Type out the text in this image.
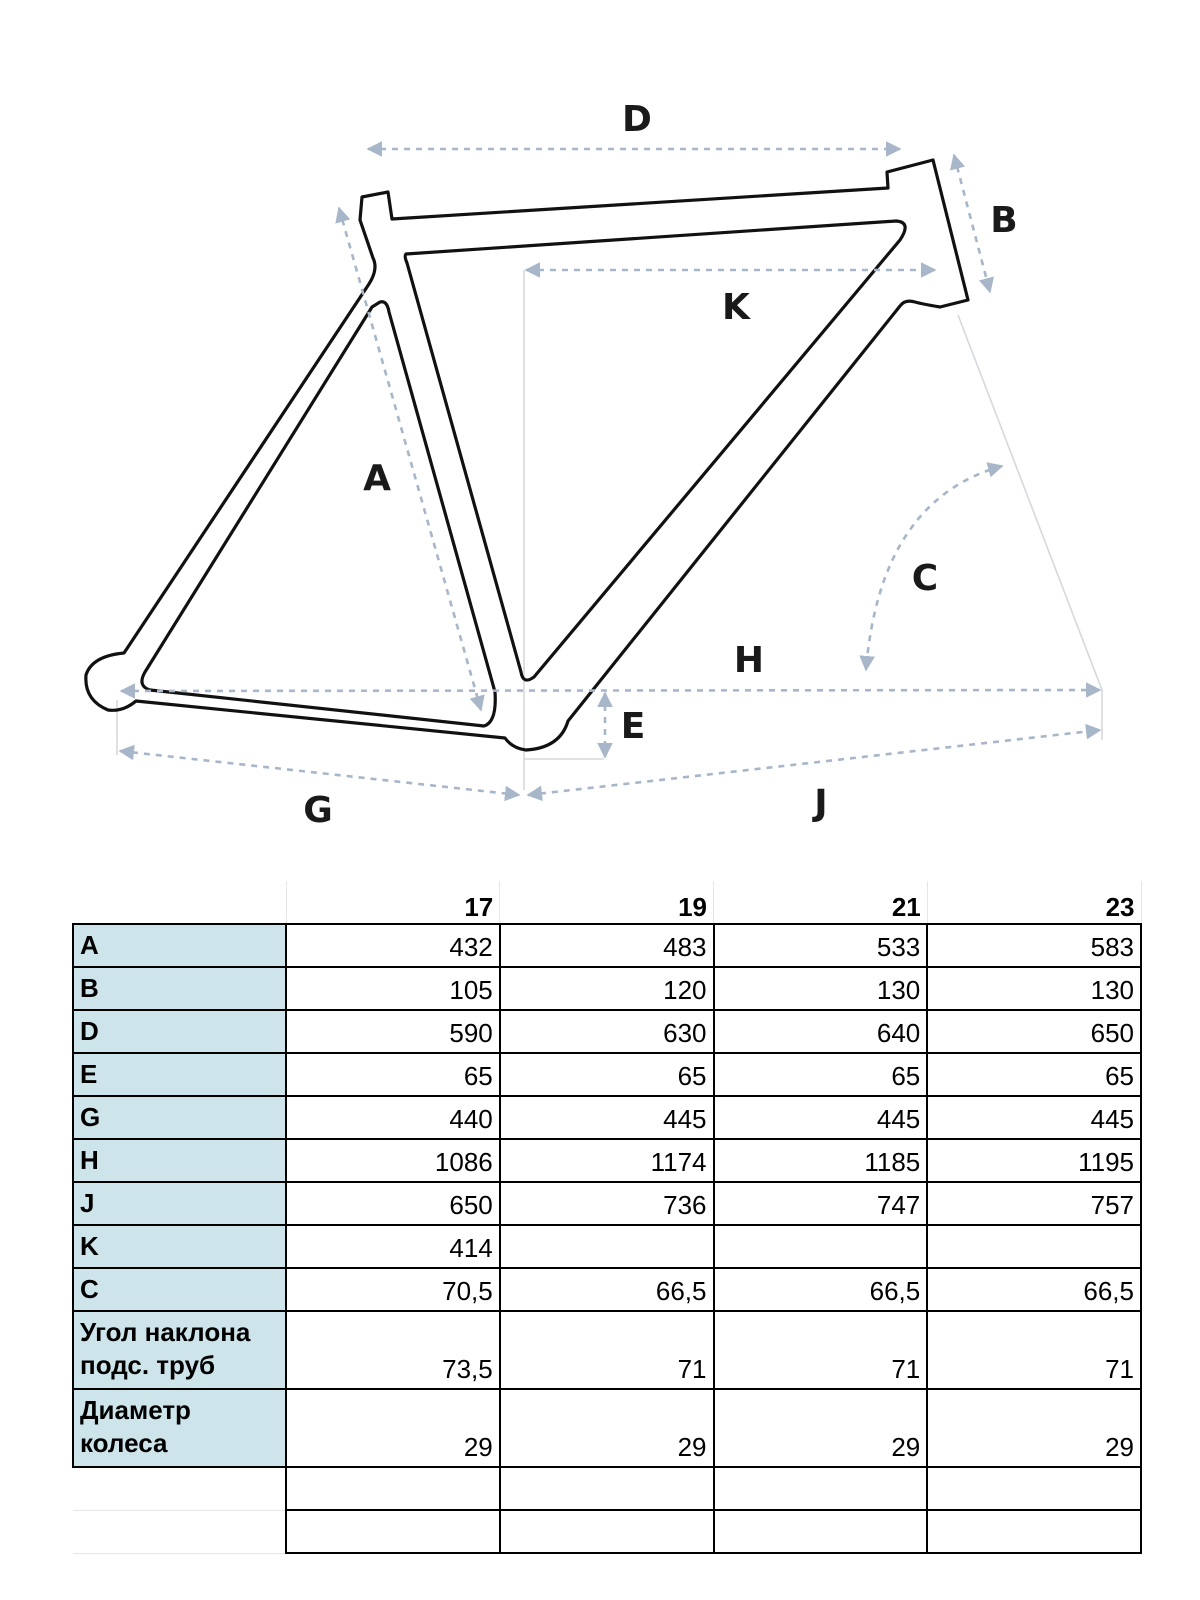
D
B
K
A
C
H
E
G	J
	17	19	21	23
A	432	483	533	583
B	105	120	130	130
D	590	630	640	650
E	65	65	65	65
G	440	445	445	445
H	1086	1174	1185	1195
J	650	736	747	757
K	414			
C	70,5	66,5	66,5	66,5
Угол наклона подс. труб	73,5	71	71	71
Диаметр колеса	29	29	29	29
